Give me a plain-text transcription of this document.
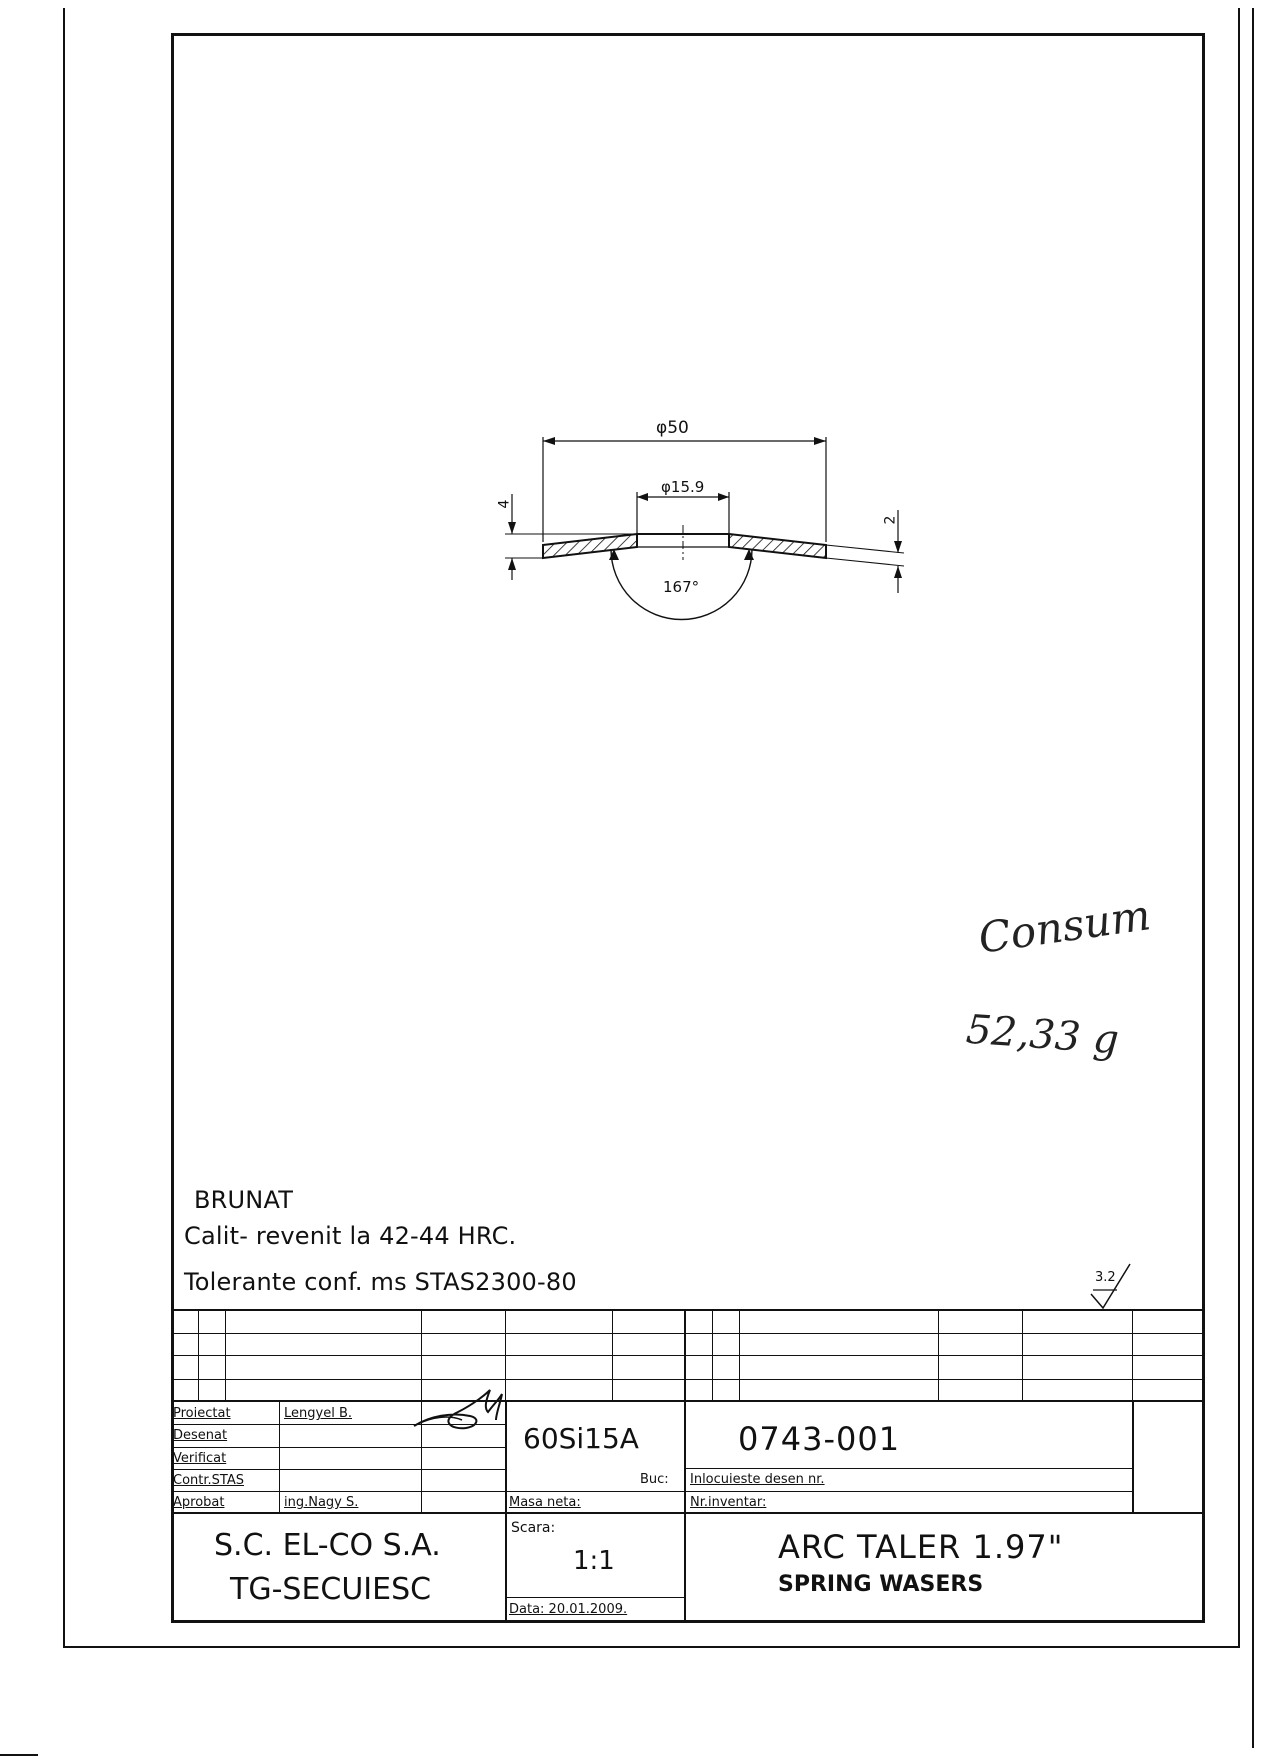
φ50
φ15.9
4
2
167°
Consum
52,33 g
BRUNAT
Calit- revenit la 42-44 HRC.
Tolerante conf. ms STAS2300-80	3.2
Proiectat	Lengyel B.
Desenat
Verificat
Contr.STAS
Aprobat	ing.Nagy S.
60Si15A
Buc:
Masa neta:
0743-001
Inlocuieste desen nr.
Nr.inventar:
S.C. EL-CO S.A.
TG-SECUIESC
Scara:
1:1
Data: 20.01.2009.
ARC TALER 1.97"
SPRING WASERS
